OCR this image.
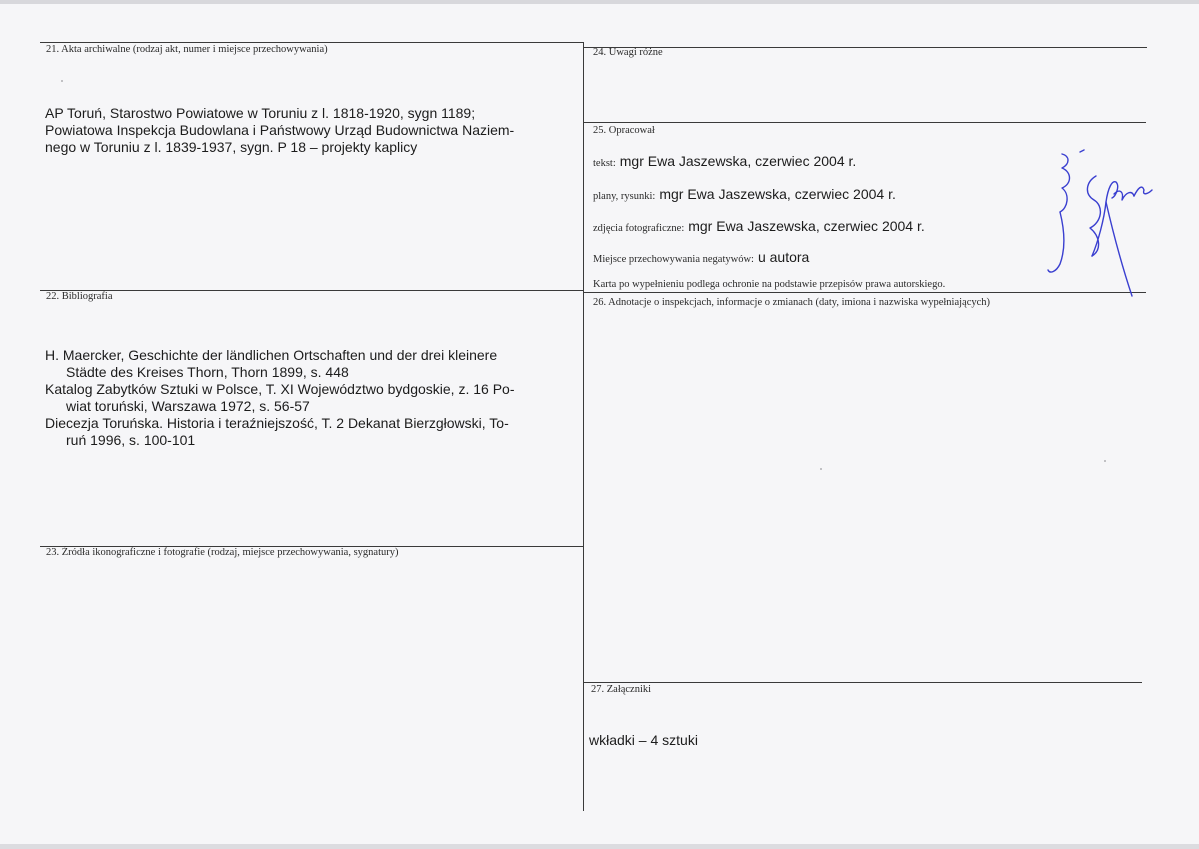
21. Akta archiwalne (rodzaj akt, numer i miejsce przechowywania)
AP Toruń, Starostwo Powiatowe w Toruniu z l. 1818-1920, sygn 1189;
Powiatowa Inspekcja Budowlana i Państwowy Urząd Budownictwa Naziem-
nego w Toruniu z l. 1839-1937, sygn. P 18 – projekty kaplicy
24. Uwagi różne
25. Opracował
tekst: mgr Ewa Jaszewska, czerwiec 2004 r.
plany, rysunki: mgr Ewa Jaszewska, czerwiec 2004 r.
zdjęcia fotograficzne: mgr Ewa Jaszewska, czerwiec 2004 r.
Miejsce przechowywania negatywów: u autora
Karta po wypełnieniu podlega ochronie na podstawie przepisów prawa autorskiego.
22. Bibliografia
H. Maercker, Geschichte der ländlichen Ortschaften und der drei kleinere
Städte des Kreises Thorn, Thorn 1899, s. 448
Katalog Zabytków Sztuki w Polsce, T. XI Województwo bydgoskie, z. 16 Po-
wiat toruński, Warszawa 1972, s. 56-57
Diecezja Toruńska. Historia i teraźniejszość, T. 2 Dekanat Bierzgłowski, To-
ruń 1996, s. 100-101
26. Adnotacje o inspekcjach, informacje o zmianach (daty, imiona i nazwiska wypełniających)
23. Źródła ikonograficzne i fotografie (rodzaj, miejsce przechowywania, sygnatury)
27. Załączniki
wkładki – 4 sztuki
